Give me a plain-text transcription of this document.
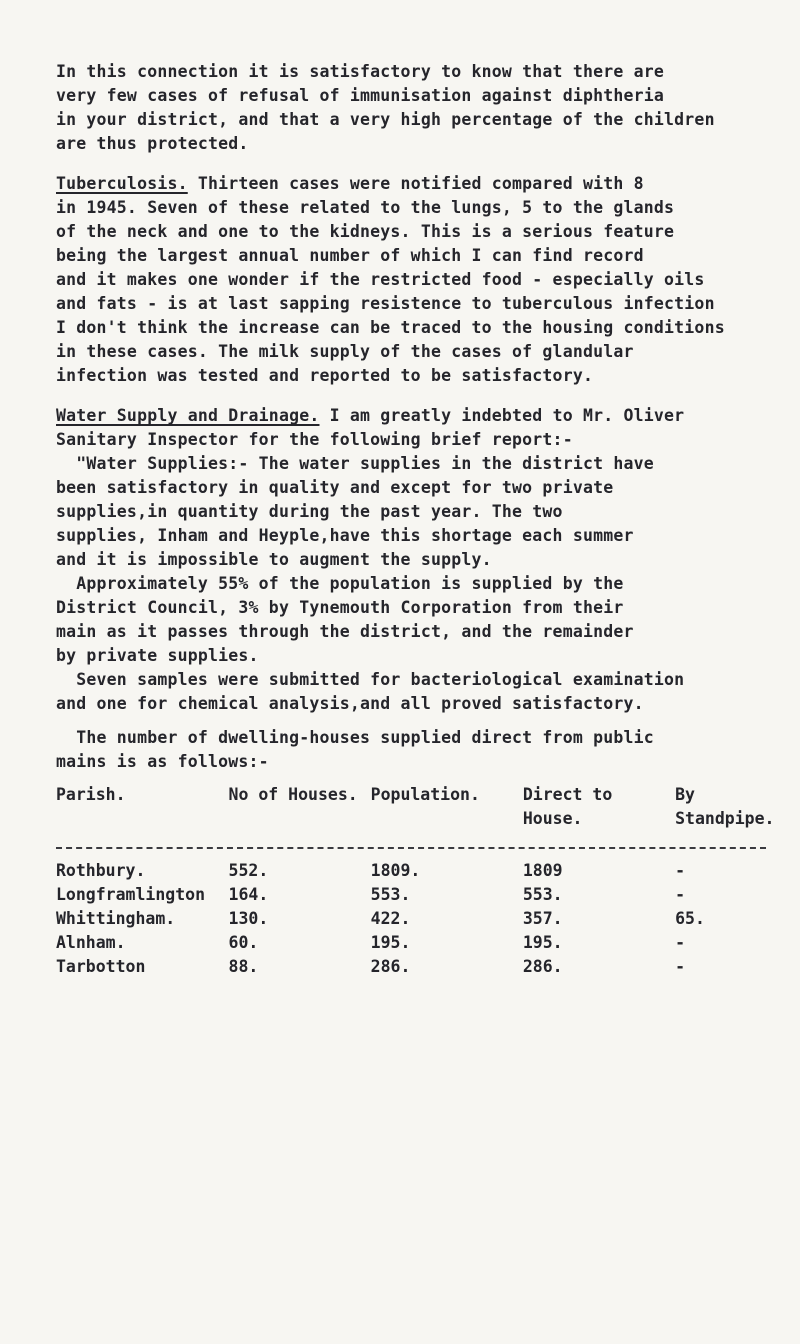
In this connection it is satisfactory to know that there are
very few cases of refusal of immunisation against diphtheria
in your district, and that a very high percentage of the children
are thus protected.
Tuberculosis. Thirteen cases were notified compared with 8
in 1945. Seven of these related to the lungs, 5 to the glands
of the neck and one to the kidneys. This is a serious feature
being the largest annual number of which I can find record
and it makes one wonder if the restricted food - especially oils
and fats - is at last sapping resistence to tuberculous infection
I don't think the increase can be traced to the housing conditions
in these cases. The milk supply of the cases of glandular
infection was tested and reported to be satisfactory.
Water Supply and Drainage. I am greatly indebted to Mr. Oliver
Sanitary Inspector for the following brief report:-
"Water Supplies:- The water supplies in the district have
been satisfactory in quality and except for two private
supplies,in quantity during the past year. The two
supplies, Inham and Heyple,have this shortage each summer
and it is impossible to augment the supply.
Approximately 55% of the population is supplied by the
District Council, 3% by Tynemouth Corporation from their
main as it passes through the district, and the remainder
by private supplies.
Seven samples were submitted for bacteriological examination
and one for chemical analysis,and all proved satisfactory.
The number of dwelling-houses supplied direct from public
mains is as follows:-
Parish.	No of Houses.	Population.	Direct to	By
			House.	Standpipe.

Rothbury.	552.	1809.	1809	-
Longframlington	164.	553.	553.	-
Whittingham.	130.	422.	357.	65.
Alnham.	60.	195.	195.	-
Tarbotton	88.	286.	286.	-
